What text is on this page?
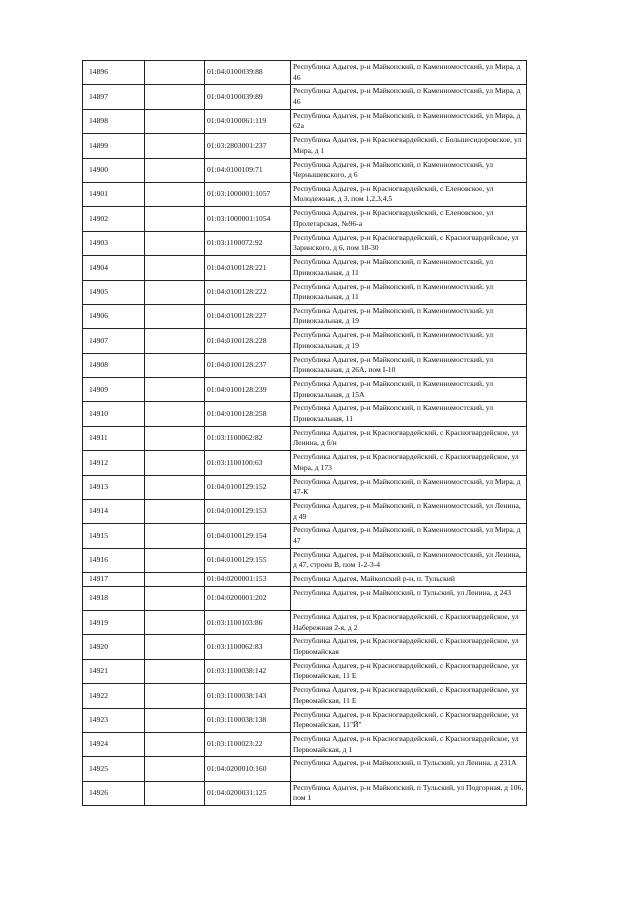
14896		01:04:0100039:88	Республика Адыгея, р-н Майкопский, п Каменномостский, ул Мира, д 46
14897		01:04:0100039:89	Республика Адыгея, р-н Майкопский, п Каменномостский, ул Мира, д 46
14898		01:04:0100061:119	Республика Адыгея, р-н Майкопский, п Каменномостский, ул Мира, д 62а
14899		01:03:2803001:237	Республика Адыгея, р-н Красногвардейский, с Большесидоровское, ул Мира, д 1
14900		01:04:0100109:71	Республика Адыгея, р-н Майкопский, п Каменномостский, ул Чернышевского, д 6
14901		01:03:1000001:1057	Республика Адыгея, р-н Красногвардейский, с Еленовское, ул Молодежная, д 3, пом 1,2,3,4,5
14902		01:03:1000001:1054	Республика Адыгея, р-н Красногвардейский, с Еленовское, ул Пролетарская, №96-а
14903		01:03:1100072:92	Республика Адыгея, р-н Красногвардейский, с Красногвардейское, ул Заринского, д 6, пом 18-30
14904		01:04:0100128:221	Республика Адыгея, р-н Майкопский, п Каменномостский, ул Привокзальная, д 11
14905		01:04:0100128:222	Республика Адыгея, р-н Майкопский, п Каменномостский, ул Привокзальная, д 11
14906		01:04:0100128:227	Республика Адыгея, р-н Майкопский, п Каменномостский, ул Привокзальная, д 19
14907		01:04:0100128:228	Республика Адыгея, р-н Майкопский, п Каменномостский, ул Привокзальная, д 19
14908		01:04:0100128:237	Республика Адыгея, р-н Майкопский, п Каменномостский, ул Привокзальная, д 26А, пом I-10
14909		01:04:0100128:239	Республика Адыгея, р-н Майкопский, п Каменномостский, ул Привокзальная, д 15А
14910		01:04:0100128:258	Республика Адыгея, р-н Майкопский, п Каменномостский, ул Привокзальная, 11
14911		01:03:1100062:82	Республика Адыгея, р-н Красногвардейский, с Красногвардейское, ул Ленина, д б/н
14912		01:03:1100100:63	Республика Адыгея, р-н Красногвардейский, с Красногвардейское, ул Мира, д 173
14913		01:04:0100129:152	Республика Адыгея, р-н Майкопский, п Каменномостский, ул Мира, д 47-К
14914		01:04:0100129:153	Республика Адыгея, р-н Майкопский, п Каменномостский, ул Ленина, д 49
14915		01:04:0100129:154	Республика Адыгея, р-н Майкопский, п Каменномостский, ул Мира, д 47
14916		01:04:0100129:155	Республика Адыгея, р-н Майкопский, п Каменномостский, ул Ленина, д 47, строен В, пом 1-2-3-4
14917		01:04:0200001:153	Республика Адыгея, Майкопский р-н, п. Тульский
14918		01:04:0200001:202	Республика Адыгея, р-н Майкопский, п Тульский, ул Ленина, д 243
14919		01:03:1100103:86	Республика Адыгея, р-н Красногвардейский, с Красногвардейское, ул Набережная 2-я, д 2
14920		01:03:1100062:83	Республика Адыгея, р-н Красногвардейский, с Красногвардейское, ул Первомайская
14921		01:03:1100038:142	Республика Адыгея, р-н Красногвардейский, с Красногвардейское, ул Первомайская, 11 Е
14922		01:03:1100038:143	Республика Адыгея, р-н Красногвардейский, с Красногвардейское, ул Первомайская, 11 Е
14923		01:03:1100038:138	Республика Адыгея, р-н Красногвардейский, с Красногвардейское, ул Первомайская, 11"Й"
14924		01:03:1100023:22	Республика Адыгея, р-н Красногвардейский, с Красногвардейское, ул Первомайская, д 1
14925		01:04:0200010:160	Республика Адыгея, р-н Майкопский, п Тульский, ул Ленина, д 231А
14926		01:04:0200031:125	Республика Адыгея, р-н Майкопский, п Тульский, ул Подгорная, д 106, пом 1
